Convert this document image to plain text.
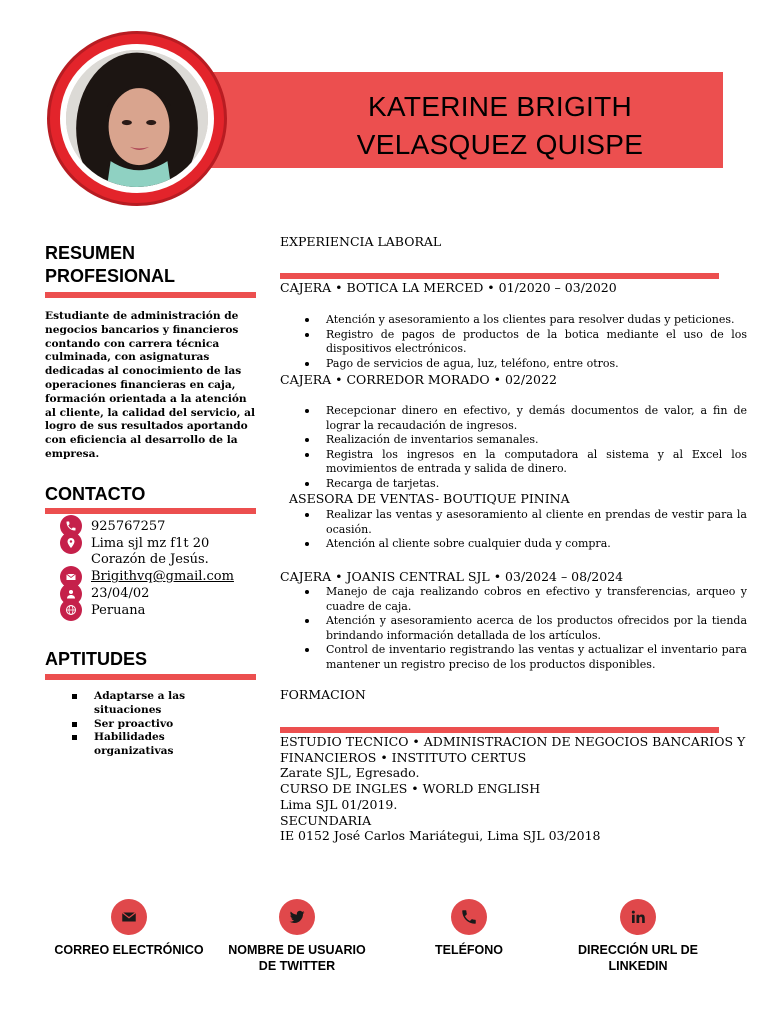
KATERINE BRIGITH
VELASQUEZ QUISPE
RESUMEN
PROFESIONAL
Estudiante de administración de negocios bancarios y financieros contando con carrera técnica culminada, con asignaturas dedicadas al conocimiento de las operaciones financieras en caja, formación orientada a la atención al cliente, la calidad del servicio, al logro de sus resultados aportando con eficiencia al desarrollo de la empresa.
CONTACTO
925767257
Lima sjl mz f1t 20
Corazón de Jesús.
Brigithvq@gmail.com
23/04/02
Peruana
APTITUDES
Adaptarse a las situaciones
Ser proactivo
Habilidades organizativas
EXPERIENCIA LABORAL
CAJERA • BOTICA LA MERCED • 01/2020 – 03/2020
Atención y asesoramiento a los clientes para resolver dudas y peticiones.
Registro de pagos de productos de la botica mediante el uso de los dispositivos electrónicos.
Pago de servicios de agua, luz, teléfono, entre otros.
CAJERA • CORREDOR MORADO • 02/2022
Recepcionar dinero en efectivo, y demás documentos de valor, a fin de lograr la recaudación de ingresos.
Realización de inventarios semanales.
Registra los ingresos en la computadora al sistema y al Excel los movimientos de entrada y salida de dinero.
Recarga de tarjetas.
ASESORA DE VENTAS- BOUTIQUE PININA
Realizar las ventas y asesoramiento al cliente en prendas de vestir para la ocasión.
Atención al cliente sobre cualquier duda y compra.
CAJERA • JOANIS CENTRAL SJL • 03/2024 – 08/2024
Manejo de caja realizando cobros en efectivo y transferencias, arqueo y cuadre de caja.
Atención y asesoramiento acerca de los productos ofrecidos por la tienda brindando información detallada de los artículos.
Control de inventario registrando las ventas y actualizar el inventario para mantener un registro preciso de los productos disponibles.
FORMACION
ESTUDIO TECNICO • ADMINISTRACION DE NEGOCIOS BANCARIOS Y
FINANCIEROS • INSTITUTO CERTUS
Zarate SJL, Egresado.
CURSO DE INGLES • WORLD ENGLISH
Lima SJL 01/2019.
SECUNDARIA
IE 0152 José Carlos Mariátegui, Lima SJL 03/2018
CORREO ELECTRÓNICO	NOMBRE DE USUARIO
DE TWITTER
TELÉFONO	DIRECCIÓN URL DE
LINKEDIN
